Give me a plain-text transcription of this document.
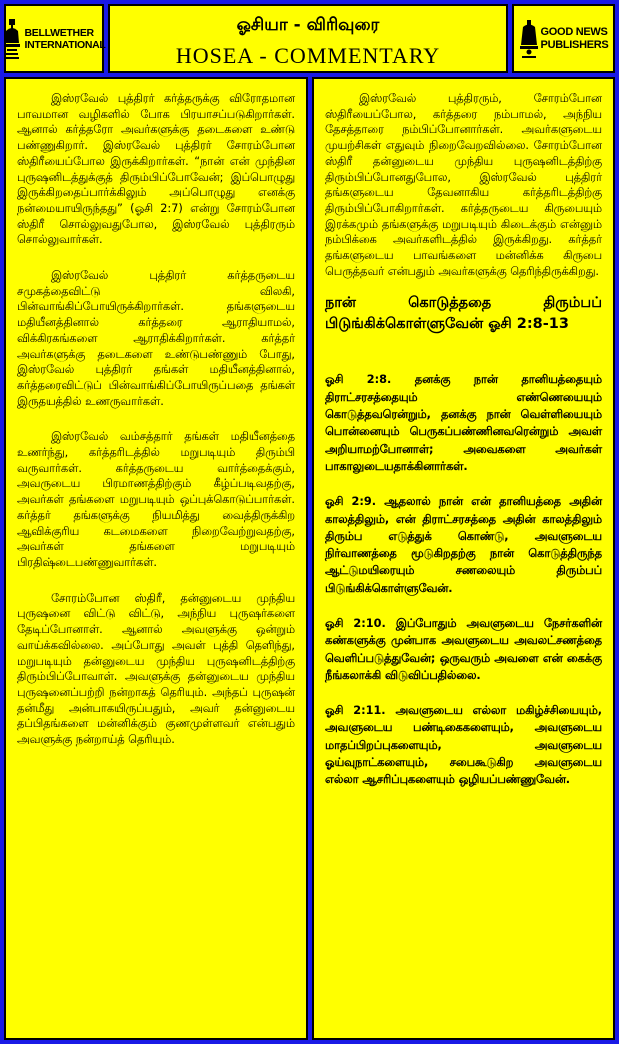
BELLWETHER
INTERNATIONAL
ஓசியா - விரிவுரை
HOSEA - COMMENTARY
GOOD NEWS
PUBLISHERS

இஸ்ரவேல் புத்திரர் கர்த்தருக்கு விரோதமான பாவமான வழிகளில் போக பிரயாசப்படுகிறார்கள். ஆனால் கர்த்தரோ அவர்களுக்கு தடைகளை உண்டு பண்ணுகிறார். இஸ்ரவேல் புத்திரர் சோரம்போன ஸ்திரீயைப்போல இருக்கிறார்கள். “நான் என் முந்தின புருஷனிடத்துக்குத் திரும்பிப்போவேன்; இப்பொழுது இருக்கிறதைப்பார்க்கிலும் அப்பொழுது எனக்கு நன்மையாயிருந்தது” (ஓசி 2:7) என்று சோரம்போன ஸ்திரீ சொல்லுவதுபோல, இஸ்ரவேல் புத்திரரும் சொல்லுவார்கள்.

இஸ்ரவேல் புத்திரர் கர்த்தருடைய சமுகத்தைவிட்டு விலகி, பின்வாங்கிப்போயிருக்கிறார்கள். தங்களுடைய மதியீனத்தினால் கர்த்தரை ஆராதியாமல், விக்கிரகங்களை ஆராதிக்கிறார்கள். கர்த்தர் அவர்களுக்கு தடைகளை உண்டுபண்ணும் போது, இஸ்ரவேல் புத்திரர் தங்கள் மதியீனத்தினால், கர்த்தரைவிட்டுப் பின்வாங்கிப்போயிருப்பதை தங்கள் இருதயத்தில் உணருவார்கள்.

இஸ்ரவேல் வம்சத்தார் தங்கள் மதியீனத்தை உணர்ந்து, கர்த்தரிடத்தில் மறுபடியும் திரும்பி வருவார்கள். கர்த்தருடைய வார்த்தைக்கும், அவருடைய பிரமாணத்திற்கும் கீழ்ப்படிவதற்கு, அவர்கள் தங்களை மறுபடியும் ஒப்புக்கொடுப்பார்கள். கர்த்தர் தங்களுக்கு நியமித்து வைத்திருக்கிற ஆவிக்குரிய கடமைகளை நிறைவேற்றுவதற்கு, அவர்கள் தங்களை மறுபடியும் பிரதிஷ்டைபண்ணுவார்கள்.

சோரம்போன ஸ்திரீ, தன்னுடைய முந்திய புருஷனை விட்டு விட்டு, அந்நிய புருஷர்களை தேடிப்போனாள். ஆனால் அவளுக்கு ஒன்றும் வாய்க்கவில்லை. அப்போது அவள் புத்தி தெளிந்து, மறுபடியும் தன்னுடைய முந்திய புருஷனிடத்திற்கு திரும்பிப்போவாள். அவளுக்கு தன்னுடைய முந்திய புருஷனைப்பற்றி நன்றாகத் தெரியும். அந்தப் புருஷன் தன்மீது அன்பாகயிருப்பதும், அவர் தன்னுடைய தப்பிதங்களை மன்னிக்கும் குணமுள்ளவர் என்பதும் அவளுக்கு நன்றாய்த் தெரியும்.

இஸ்ரவேல் புத்திரரும், சோரம்போன ஸ்திரீயைப்போல, கர்த்தரை நம்பாமல், அந்நிய தேசத்தாரை நம்பிப்போனார்கள். அவர்களுடைய முயற்சிகள் எதுவும் நிறைவேறவில்லை. சோரம்போன ஸ்திரீ தன்னுடைய முந்திய புருஷனிடத்திற்கு திரும்பிப்போனதுபோல, இஸ்ரவேல் புத்திரர் தங்களுடைய தேவனாகிய கர்த்தரிடத்திற்கு திரும்பிப்போகிறார்கள். கர்த்தருடைய கிருபையும் இரக்கமும் தங்களுக்கு மறுபடியும் கிடைக்கும் என்னும் நம்பிக்கை அவர்களிடத்தில் இருக்கிறது. கர்த்தர் தங்களுடைய பாவங்களை மன்னிக்க கிருபை பெருத்தவர் என்பதும் அவர்களுக்கு தெரிந்திருக்கிறது.

நான் கொடுத்ததை திரும்பப் பிடுங்கிக்கொள்ளுவேன் ஓசி 2:8-13

ஓசி 2:8. தனக்கு நான் தானியத்தையும் திராட்சரசத்தையும் எண்ணெயையும் கொடுத்தவரென்றும், தனக்கு நான் வெள்ளியையும் பொன்னையும் பெருகப்பண்ணினவரென்றும் அவள் அறியாமற்போனாள்; அவைகளை அவர்கள் பாகாலுடையதாக்கினார்கள்.

ஓசி 2:9. ஆதலால் நான் என் தானியத்தை அதின் காலத்திலும், என் திராட்சரசத்தை அதின் காலத்திலும் திரும்ப எடுத்துக் கொண்டு, அவளுடைய நிர்வாணத்தை மூடுகிறதற்கு நான் கொடுத்திருந்த ஆட்டுமயிரையும் சணலையும் திரும்பப் பிடுங்கிக்கொள்ளுவேன்.

ஓசி 2:10. இப்போதும் அவளுடைய நேசர்களின் கண்களுக்கு முன்பாக அவளுடைய அவலட்சணத்தை வெளிப்படுத்துவேன்; ஒருவரும் அவளை என் கைக்கு நீங்கலாக்கி விடுவிப்பதில்லை.

ஓசி 2:11. அவளுடைய எல்லா மகிழ்ச்சியையும், அவளுடைய பண்டிகைகளையும், அவளுடைய மாதப்பிறப்புகளையும், அவளுடைய ஓய்வுநாட்களையும், சபைகூடுகிற அவளுடைய எல்லா ஆசரிப்புகளையும் ஒழியப்பண்ணுவேன்.
